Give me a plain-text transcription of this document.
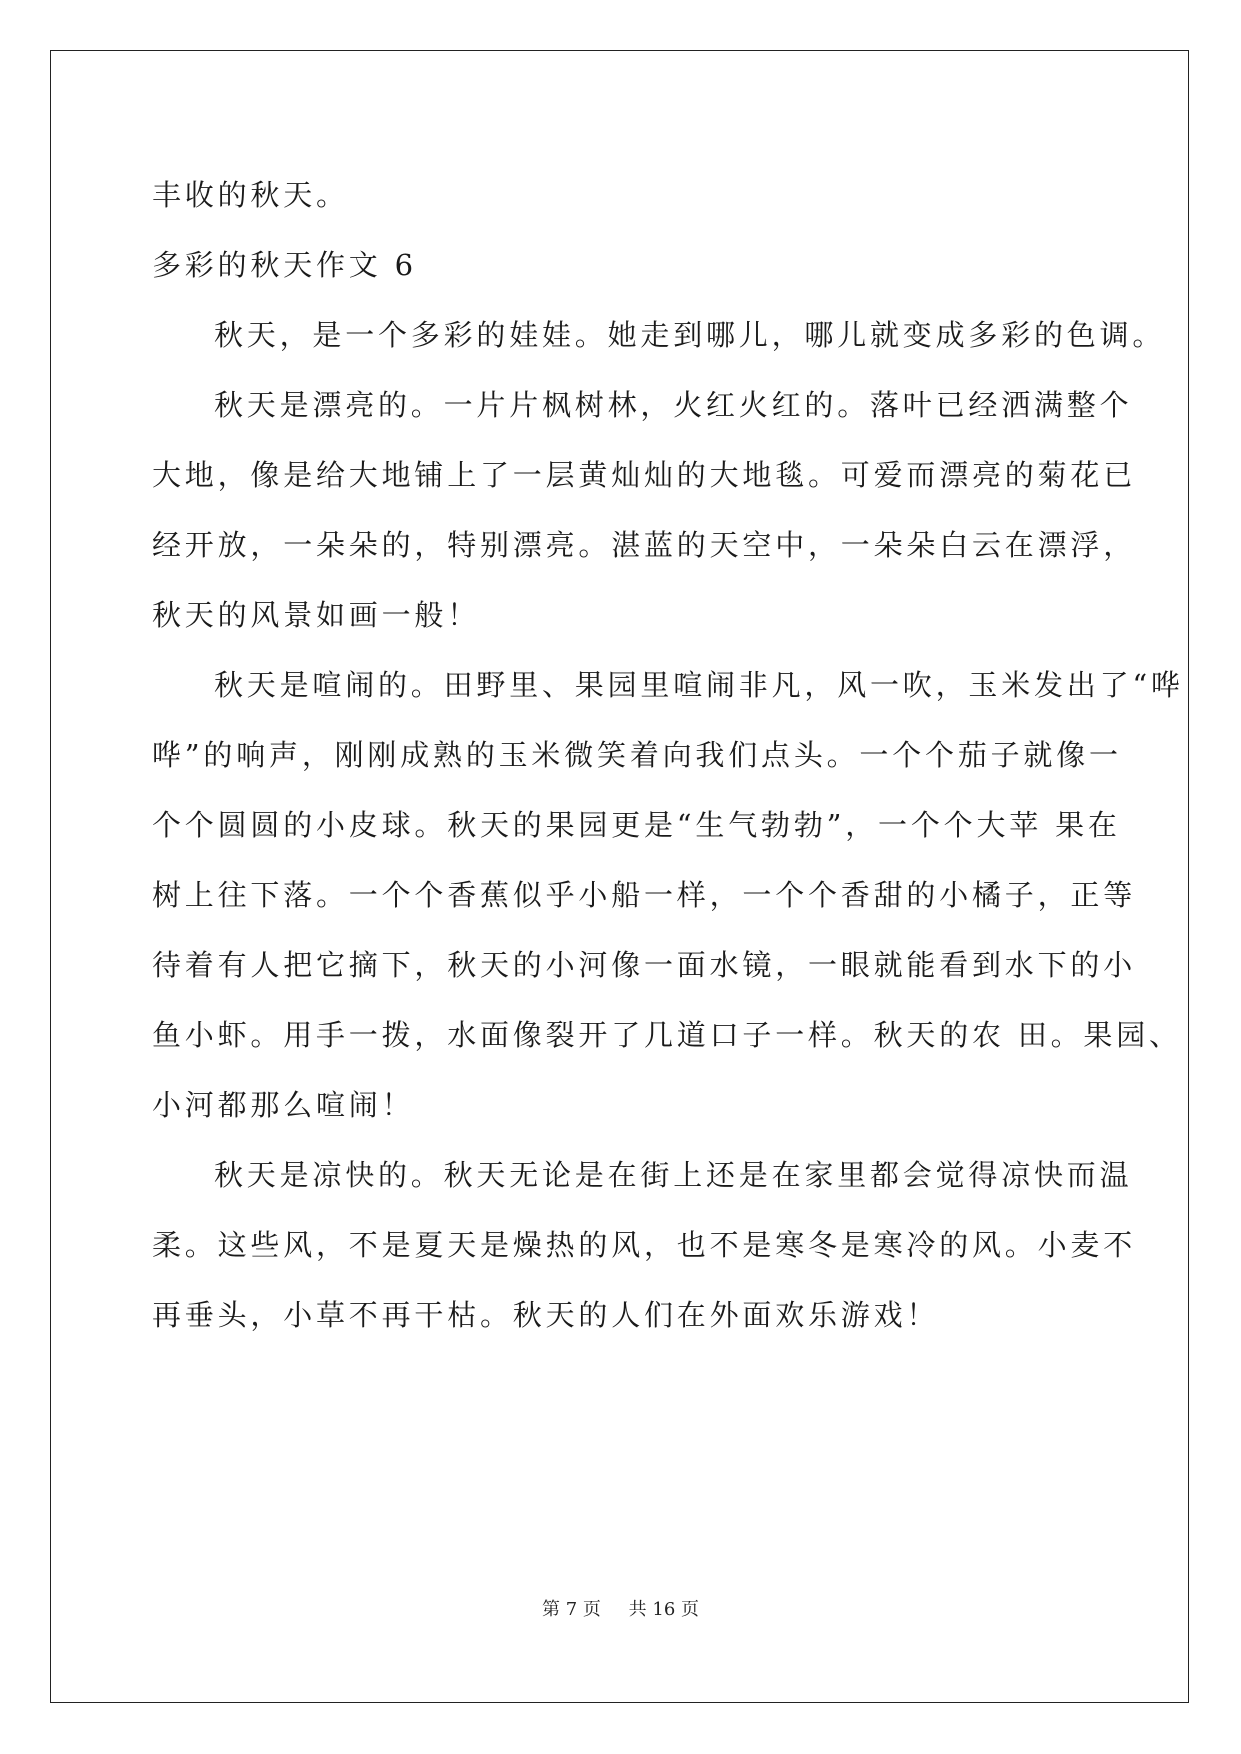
丰收的秋天。
多彩的秋天作文 6
秋天，是一个多彩的娃娃。她走到哪儿，哪儿就变成多彩的色调。
秋天是漂亮的。一片片枫树林，火红火红的。落叶已经洒满整个
大地，像是给大地铺上了一层黄灿灿的大地毯。可爱而漂亮的菊花已
经开放，一朵朵的，特别漂亮。湛蓝的天空中，一朵朵白云在漂浮，
秋天的风景如画一般！
秋天是喧闹的。田野里、果园里喧闹非凡，风一吹，玉米发出了“哗
哗”的响声，刚刚成熟的玉米微笑着向我们点头。一个个茄子就像一
个个圆圆的小皮球。秋天的果园更是“生气勃勃”，一个个大苹 果在
树上往下落。一个个香蕉似乎小船一样，一个个香甜的小橘子，正等
待着有人把它摘下，秋天的小河像一面水镜，一眼就能看到水下的小
鱼小虾。用手一拨，水面像裂开了几道口子一样。秋天的农 田。果园、
小河都那么喧闹！
秋天是凉快的。秋天无论是在街上还是在家里都会觉得凉快而温
柔。这些风，不是夏天是燥热的风，也不是寒冬是寒冷的风。小麦不
再垂头，小草不再干枯。秋天的人们在外面欢乐游戏！
第 7 页 共 16 页
